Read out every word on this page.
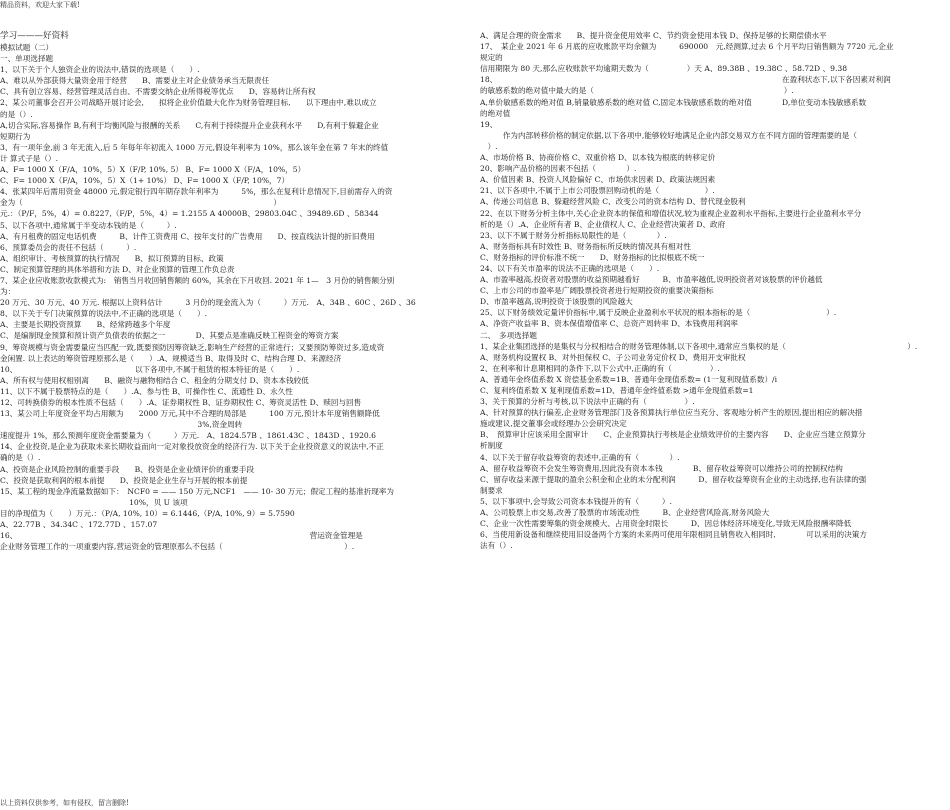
精品资料，欢迎大家下载!

学习———好资料

模拟试题（二）

一、单项选择题

1、以下关于个人独资企业的说法中,错误的选项是（　　）.

A、难以从外部获得大量资金用于经营　　B、需要业主对企业债务承当无限责任

C、具有创立容易、经营管理灵活自由、不需要交纳企业所得税等优点　　D、容易转让所有权

2、某公司董事会召开公司战略开展讨论会,　　拟将企业价值最大化作为财务管理目标,　　以下理由中,难以成立

的是（）.

A,切合实际,容易操作 B,有利于均衡风险与报酬的关系　　C,有利于持续提升企业获利水平　　D,有利于躲避企业

短期行为

3、有一项年金,前 3 年无流入,后 5 年每年年初流入 1000 万元,假设年利率为 10%，那么该年金在第 7 年末的终值

计 算式子是（）.

A、F= 1000 X（F/A，10%，5）X（F/P, 10%, 5） B、F= 1000 X（F/A，10%，5）

C、F= 1000 X（F/A，10%，5）X（1+ 10%） D、F= 1000 X（F/P, 10%，7）

4、张某四年后需用资金 48000 元,假定银行四年期存款年利率为　　　5%，那么在复利计息情况下,目前需存入的资

金为（　　　　　　　　　　　　　　　　　　　　　　　　　　　　　　　　　）

元.：（P/F，5%，4）= 0.8227,（F/P，5%，4）= 1.2155 A 40000B、29803.04C 、39489.6D 、58344

5、以下各项中,通常属于半变动本钱的是（　　　）.

A、有月租费的固定电话机费　　　B、计件工资费用 C、按年支付的广告费用　　D、按直线法计提的折旧费用

6、预算委员会的责任不包括（　　　）.

A、组织审计、考核预算的执行情况　　B、拟订预算的目标、政策

C、制定预算管理的具体举措和方法 D、对企业预算的管理工作负总责

7、某企业应收账款收款模式为:　销售当月收回销售额的 60%，其余在下月收回. 2021 年 1—　3 月份的销售额分别

为：

20 万元、30 万元、40 万元. 根据以上资料估计　　　3 月份的现金流入为（　　　）万元.　A、34B 、60C 、26D 、36

8、以下关于专门决策预算的说法中,不正确的选项是（　　）.

A、主要是长期投资预算　　B、经常跨越多个年度

C、是编制现金预算和预计资产负债表的依据之一　　　　D、其要点是准确反映工程资金的筹资方案

9、筹资规模与资金需要量应当匹配一致,既要预防因筹资缺乏,影响生产经营的正常进行；又要预防筹资过多,造成资

金闲置. 以上表达的筹资管理原那么是（　　）.A、规模适当 B、取得及时 C、结构合理 D、来源经济

10、　　　　　　　　　　　　　　　　以下各项中,不属于租赁的根本特征的是（　　）.

A、所有权与使用权相别离　　B、融资与融物相结合 C、租金的分期支付 D、资本本钱较低

11、以下不属于股票特点的是（　　）.A、参与性 B、可操作性 C、流通性 D、永久性

12、可转换债券的根本性质不包括（　　）.A、证券期权性 B、证券期权性 C、筹资灵活性 D、赎回与回售

13、某公司上年度资金平均占用额为　　2000 万元,其中不合理的局部是　　　100 万元,预计本年度销售额降低

　　　　　　　　　　　　　　　　　　　　　　　　　　3%,资金周转

速度提升 1%，那么预测年度资金需要量为（　　　）万元.　A、1824.57B 、1861.43C 、1843D 、1920.6

14、企业投资,是企业为获取未来长期收益而向一定对象投放资金的经济行为. 以下关于企业投资意义的说法中,不正

确的是（）.

A、投资是企业风险控制的重要手段　　B、投资是企业业绩评价的重要手段

C、投资是获取利润的根本前提　　D、投资是企业生存与开展的根本前提

15、某工程的现金净流量数据如下：　NCF0 = —— 150 万元,NCF1　—— 10- 30 万元；假定工程的基准折现率为

　　　　　　　　　　　　　　　　　10%，贝 U 该项

目的净现值为（　　）万元.：（P/A, 10%, 10）= 6.1446,（P/A, 10%, 9）= 5.7590

A、22.77B 、34.34C 、172.77D 、157.07

16、　　　　　　　　　　　　　　　　　　　　　　　　　　　　　　　　　　　　　　　营运资金管理是

企业财务管理工作的一项重要内容,营运资金的管理原那么不包括（　　　　　　　　　　　　　　　　）.

A、满足合理的资金需求　　B、提升资金使用效率 C、节约资金使用本钱 D、保持足够的长期偿债水平

17、　某企业 2021 年 6 月底的应收账款平均余额为　　　690000　元,经测算,过去 6 个月平均日销售额为 7720 元,企业

规定的

信用期限为 80 天,那么应收账款平均逾期天数为（　　　　　）天 A、89.38B 、19.38C 、58.72D 、9.38

18、　　　　　　　　　　　　　　　　　　　　　　　　　　　　　　　　　　　　　　在盈利状态下,以下各因素对利润

的敏感系数的绝对值中最大的是（　　　　　　　　　　　　　　　　　　　　　　　　　）.

A,单价敏感系数的绝对值 B,销量敏感系数的绝对值 C,固定本钱敏感系数的绝对值　　　　D,单位变动本钱敏感系数

的绝对值

19、

　　　作为内部转移价格的制定依据,以下各项中,能够较好地满足企业内部交易双方在不同方面的管理需要的是（

　）.

A、市场价格 B、协商价格 C、双重价格 D、以本钱为根底的转移定价

20、影响产品价格的因素不包括（　　　　）.

A、价值因素 B、投资人风险偏好 C、市场供求因素 D、政策法规因素

21、以下各项中,不属于上市公司股票回购动机的是（　　　　　　）.

A、传递公司信息 B、躲避经营风险 C、改变公司的资本结构 D、替代现金股利

22、在以下财务分析主体中,关心企业资本的保值和增值状况,较为重视企业盈利水平指标,主要进行企业盈利水平分

析的是（）.A、企业所有者 B、企业债权人 C、企业经营决策者 D、政府

23、以下不属于财务分析指标局限性的是（　　　　）.

A、财务指标具有时效性 B、财务指标所反映的情况具有相对性

C、财务指标的评价标准不统一　　D、财务指标的比拟根底不统一

24、以下有关市盈率的说法不正确的选项是（　　）.

A、市盈率越高,投资者对股票的收益预期越看好　　　B、市盈率越低,说明投资者对该股票的评价越低

C、上市公司的市盈率是广阔股票投资者进行短期投资的重要决策指标

D、市盈率越高,说明投资于该股票的风险越大

25、以下财务绩效定量评价指标中,属于反映企业盈利水平状况的根本指标的是（　　　　　　　　　　）.

A、净资产收益率 B、资本保值增值率 C、总资产周转率 D、本钱费用利润率

二、　多项选择题

1、某企业集团选择的是集权与分权相结合的财务管理体制,以下各项中,通常应当集权的是（　　　　　　　　　　　　　　　　）.

A、财务机构设置权 B、对外担保权 C、子公司业务定价权 D、费用开支审批权

2、在利率和计息期相同的条件下,以下公式中,正确的有（　　　　　）.

A、普通年金终值系数 X 资偿基金系数=1B、普通年金现值系数= (1一复利现值系数）/i

C、复利终值系数 X 复利现值系数=1D、普通年金终值系数 >通年金现值系数=1

3、关于预算的分析与考核,以下说法中正确的有（　　　　　）.

A、针对预算的执行偏差,企业财务管理部门及各预算执行单位应当充分、客观地分析产生的原因,提出相应的解决措

施或建议,提交董事会或经理办公会研究决定

B、　预算审计应该采用全面审计　　C、企业预算执行考核是企业绩效评价的主要内容　　D、企业应当建立预算分

析制度

4、以下关于留存收益筹资的表述中,正确的有（　　　　）.

A、留存收益筹资不会发生筹资费用,因此没有资本本钱　　　　B、留存收益筹资可以维持公司的控制权结构

C、留存收益来源于提取的盈余公积金和企业的未分配利润　　　D、留存收益筹资有企业的主动选择,也有法律的强

制要求

5、以下事项中,会导致公司资本本钱提升的有（　　　）.

A、公司股票上市交易,改善了股票的市场流动性　　　B、企业经营风险高,财务风险大

C、企业一次性需要筹集的资金规模大、占用资金时限长　　　D、因总体经济环境变化,导致无风险报酬率降低

6、当使用新设备和继续使用旧设备两个方案的未来两可使用年限相同且销售收入相同时,　　　　可以采用的决策方

法有（）.

以上资料仅供参考，如有侵权，留言删除!
